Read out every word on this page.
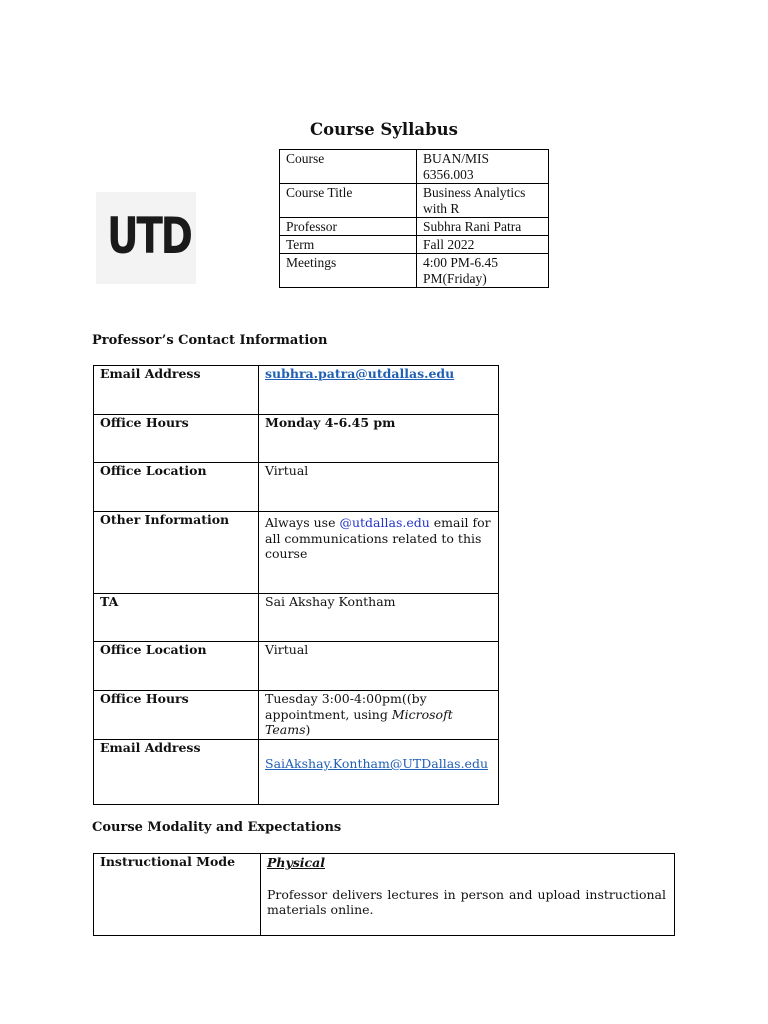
Course Syllabus
UTD
Course	BUAN/MIS 6356.003
Course Title	Business Analytics with R
Professor	Subhra Rani Patra
Term	Fall 2022
Meetings	4:00 PM-6.45 PM(Friday)
Professor’s Contact Information
Email Address	subhra.patra@utdallas.edu
Office Hours	Monday 4-6.45 pm
Office Location	Virtual
Other Information	Always use @utdallas.edu email for all communications related to this course
TA	Sai Akshay Kontham
Office Location	Virtual
Office Hours	Tuesday 3:00-4:00pm((by appointment, using Microsoft Teams)
Email Address	SaiAkshay.Kontham@UTDallas.edu
Course Modality and Expectations
Instructional Mode	Physical
Professor delivers lectures in person and upload instructional materials online.
